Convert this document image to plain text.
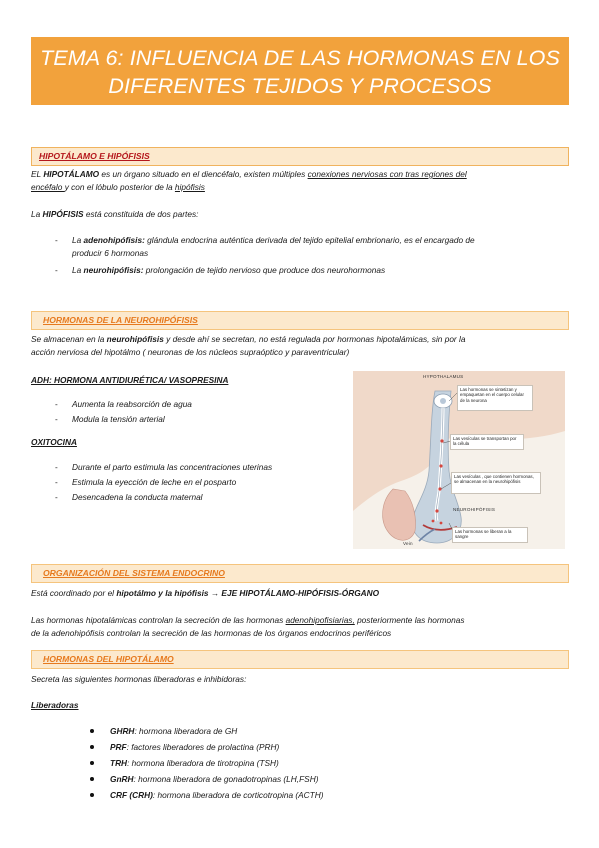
TEMA 6: INFLUENCIA DE LAS HORMONAS EN LOS
DIFERENTES TEJIDOS Y PROCESOS
HIPOTÁLAMO E HIPÓFISIS

EL HIPOTÁLAMO es un órgano situado en el diencéfalo, existen múltiples conexiones nerviosas con tras regiones del
encéfalo y con el lóbulo posterior de la hipófisis

La HIPÓFISIS está constituida de dos partes:

- La adenohipófisis: glándula endocrina auténtica derivada del tejido epitelial embrionario, es el encargado de
producir 6 hormonas
- La neurohipófisis: prolongación de tejido nervioso que produce dos neurohormonas
HORMONAS DE LA NEUROHIPÓFISIS

Se almacenan en la neurohipófisis y desde ahí se secretan, no está regulada por hormonas hipotalámicas, sin por la
acción nerviosa del hipotálmo ( neuronas de los núcleos supraóptico y paraventricular)

ADH: HORMONA ANTIDIURÉTICA/ VASOPRESINA
- Aumenta la reabsorción de agua
- Modula la tensión arterial
OXITOCINA
- Durante el parto estimula las concentraciones uterinas
- Estimula la eyección de leche en el posparto
- Desencadena la conducta maternal
HYPOTHALAMUS
NEUROHIPÓFISIS
Vein
Las hormonas se sintetizan y empaquetan en el cuerpo celular de la neurona
Las vesículas se transportan por la célula
Las vesículas , que contienen hormonas, se almacenan en la neurohipófisis
Las hormonas se liberan a la sangre
ORGANIZACIÓN DEL SISTEMA ENDOCRINO

Está coordinado por el hipotálmo y la hipófisis → EJE HIPOTÁLAMO-HIPÓFISIS-ÓRGANO

Las hormonas hipotalámicas controlan la secreción de las hormonas adenohipofisiarias, posteriormente las hormonas
de la adenohipófisis controlan la secreción de las hormonas de los órganos endocrinos periféricos

HORMONAS DEL HIPOTÁLAMO

Secreta las siguientes hormonas liberadoras e inhibidoras:

Liberadoras
GHRH: hormona liberadora de GH
PRF: factores liberadores de prolactina (PRH)
TRH: hormona liberadora de tirotropina (TSH)
GnRH: hormona liberadora de gonadotropinas (LH,FSH)
CRF (CRH): hormona liberadora de corticotropina (ACTH)
